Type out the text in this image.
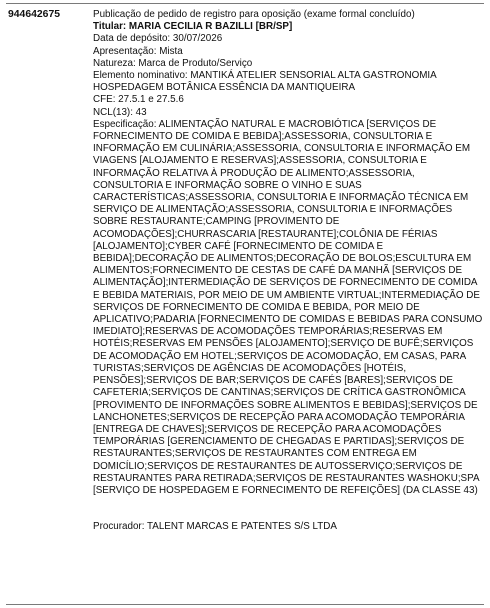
944642675	Publicação de pedido de registro para oposição (exame formal concluído)
Titular: MARIA CECILIA R BAZILLI [BR/SP]
Data de depósito: 30/07/2026
Apresentação: Mista
Natureza: Marca de Produto/Serviço
Elemento nominativo: MANTIKÁ ATELIER SENSORIAL ALTA GASTRONOMIA
HOSPEDAGEM BOTÂNICA ESSÊNCIA DA MANTIQUEIRA
CFE: 27.5.1 e 27.5.6
NCL(13): 43
Especificação: ALIMENTAÇÃO NATURAL E MACROBIÓTICA [SERVIÇOS DE
FORNECIMENTO DE COMIDA E BEBIDA];ASSESSORIA, CONSULTORIA E
INFORMAÇÃO EM CULINÁRIA;ASSESSORIA, CONSULTORIA E INFORMAÇÃO EM
VIAGENS [ALOJAMENTO E RESERVAS];ASSESSORIA, CONSULTORIA E
INFORMAÇÃO RELATIVA À PRODUÇÃO DE ALIMENTO;ASSESSORIA,
CONSULTORIA E INFORMAÇÃO SOBRE O VINHO E SUAS
CARACTERÍSTICAS;ASSESSORIA, CONSULTORIA E INFORMAÇÃO TÉCNICA EM
SERVIÇO DE ALIMENTAÇÃO;ASSESSORIA, CONSULTORIA E INFORMAÇÕES
SOBRE RESTAURANTE;CAMPING [PROVIMENTO DE
ACOMODAÇÕES];CHURRASCARIA [RESTAURANTE];COLÔNIA DE FÉRIAS
[ALOJAMENTO];CYBER CAFÉ [FORNECIMENTO DE COMIDA E
BEBIDA];DECORAÇÃO DE ALIMENTOS;DECORAÇÃO DE BOLOS;ESCULTURA EM
ALIMENTOS;FORNECIMENTO DE CESTAS DE CAFÉ DA MANHÃ [SERVIÇOS DE
ALIMENTAÇÃO];INTERMEDIAÇÃO DE SERVIÇOS DE FORNECIMENTO DE COMIDA
E BEBIDA MATERIAIS, POR MEIO DE UM AMBIENTE VIRTUAL;INTERMEDIAÇÃO DE
SERVIÇOS DE FORNECIMENTO DE COMIDA E BEBIDA, POR MEIO DE
APLICATIVO;PADARIA [FORNECIMENTO DE COMIDAS E BEBIDAS PARA CONSUMO
IMEDIATO];RESERVAS DE ACOMODAÇÕES TEMPORÁRIAS;RESERVAS EM
HOTÉIS;RESERVAS EM PENSÕES [ALOJAMENTO];SERVIÇO DE BUFÊ;SERVIÇOS
DE ACOMODAÇÃO EM HOTEL;SERVIÇOS DE ACOMODAÇÃO, EM CASAS, PARA
TURISTAS;SERVIÇOS DE AGÊNCIAS DE ACOMODAÇÕES [HOTÉIS,
PENSÕES];SERVIÇOS DE BAR;SERVIÇOS DE CAFÉS [BARES];SERVIÇOS DE
CAFETERIA;SERVIÇOS DE CANTINAS;SERVIÇOS DE CRÍTICA GASTRONÔMICA
[PROVIMENTO DE INFORMAÇÕES SOBRE ALIMENTOS E BEBIDAS];SERVIÇOS DE
LANCHONETES;SERVIÇOS DE RECEPÇÃO PARA ACOMODAÇÃO TEMPORÁRIA
[ENTREGA DE CHAVES];SERVIÇOS DE RECEPÇÃO PARA ACOMODAÇÕES
TEMPORÁRIAS [GERENCIAMENTO DE CHEGADAS E PARTIDAS];SERVIÇOS DE
RESTAURANTES;SERVIÇOS DE RESTAURANTES COM ENTREGA EM
DOMICÍLIO;SERVIÇOS DE RESTAURANTES DE AUTOSSERVIÇO;SERVIÇOS DE
RESTAURANTES PARA RETIRADA;SERVIÇOS DE RESTAURANTES WASHOKU;SPA
[SERVIÇO DE HOSPEDAGEM E FORNECIMENTO DE REFEIÇÕES] (DA CLASSE 43)
Procurador: TALENT MARCAS E PATENTES S/S LTDA
